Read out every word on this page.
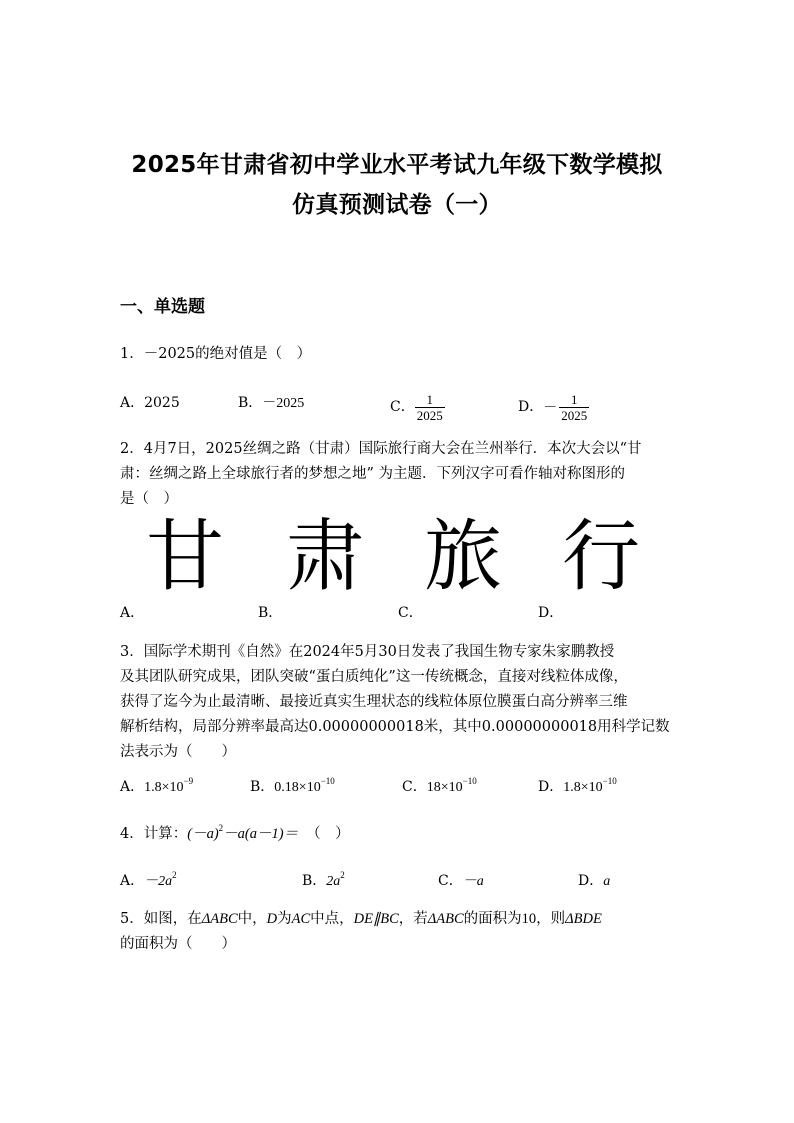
2025年甘肃省初中学业水平考试九年级下数学模拟
仿真预测试卷（一）
一、单选题
1．－2025的绝对值是（　）
A．2025	B．－2025	C． $\frac{1}{2025}$	D．－ $\frac{1}{2025}$
2．4月7日，2025丝绸之路（甘肃）国际旅行商大会在兰州举行．本次大会以“甘
肃：丝绸之路上全球旅行者的梦想之地” 为主题．下列汉字可看作轴对称图形的
是（　）
甘 肃 旅 行
A．	B．	C．	D．
3．国际学术期刊《自然》在2024年5月30日发表了我国生物专家朱家鹏教授
及其团队研究成果，团队突破“蛋白质纯化”这一传统概念，直接对线粒体成像，
获得了迄今为止最清晰、最接近真实生理状态的线粒体原位膜蛋白高分辨率三维
解析结构，局部分辨率最高达0.00000000018米，其中0.00000000018用科学记数
法表示为（　　）
A．$1.8\times 10^{-9}$	B．$0.18\times 10^{-10}$	C．$18\times 10^{-10}$	D．$1.8\times 10^{-10}$
4．计算：$(-a)^2-a(a-1)=$ （　）
A．$-2a^2$	B．$2a^2$	C．－a	D．a
5．如图，在ΔABC中，D为AC中点，DE∥BC，若ΔABC的面积为10，则ΔBDE
的面积为（　　）
